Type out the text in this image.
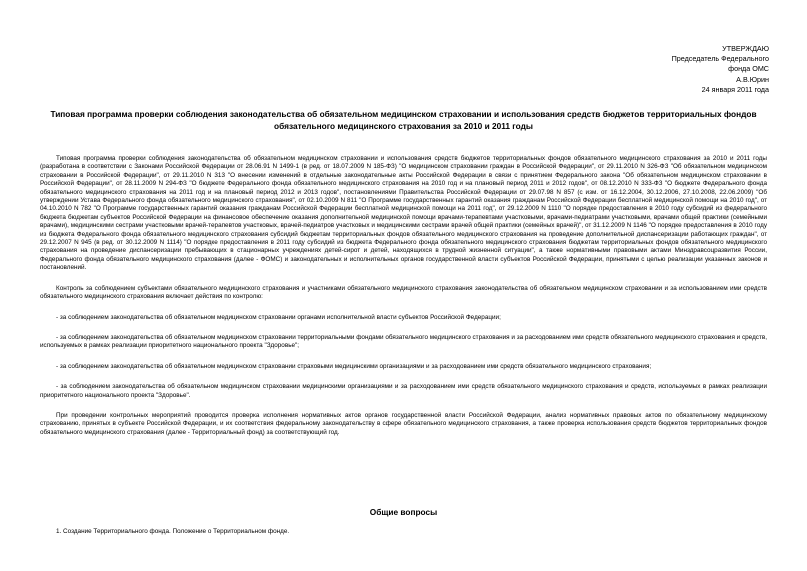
УТВЕРЖДАЮ
Председатель Федерального
фонда ОМС
А.В.Юрин
24 января 2011 года
Типовая программа проверки соблюдения законодательства об обязательном медицинском страховании и использования средств бюджетов территориальных фондов обязательного медицинского страхования за 2010 и 2011 годы

Типовая программа проверки соблюдения законодательства об обязательном медицинском страховании и использования средств бюджетов территориальных фондов обязательного медицинского страхования за 2010 и 2011 годы (разработана в соответствии с Законами Российской Федерации от 28.06.91 N 1499-1 (в ред. от 18.07.2009 N 185-ФЗ) "О медицинском страховании граждан в Российской Федерации", от 29.11.2010 N 326-ФЗ "Об обязательном медицинском страховании в Российской Федерации", от 29.11.2010 N 313 "О внесении изменений в отдельные законодательные акты Российской Федерации в связи с принятием Федерального закона "Об обязательном медицинском страховании в Российской Федерации", от 28.11.2009 N 294-ФЗ "О бюджете Федерального фонда обязательного медицинского страхования на 2010 год и на плановый период 2011 и 2012 годов", от 08.12.2010 N 333-ФЗ "О бюджете Федерального фонда обязательного медицинского страхования на 2011 год и на плановый период 2012 и 2013 годов", постановлениями Правительства Российской Федерации от 29.07.98 N 857 (с изм. от 16.12.2004, 30.12.2006, 27.10.2008, 22.06.2009) "Об утверждении Устава Федерального фонда обязательного медицинского страхования", от 02.10.2009 N 811 "О Программе государственных гарантий оказания гражданам Российской Федерации бесплатной медицинской помощи на 2010 год", от 04.10.2010 N 782 "О Программе государственных гарантий оказания гражданам Российской Федерации бесплатной медицинской помощи на 2011 год", от 29.12.2009 N 1110 "О порядке предоставления в 2010 году субсидий из федерального бюджета бюджетам субъектов Российской Федерации на финансовое обеспечение оказания дополнительной медицинской помощи врачами-терапевтами участковыми, врачами-педиатрами участковыми, врачами общей практики (семейными врачами), медицинскими сестрами участковыми врачей-терапевтов участковых, врачей-педиатров участковых и медицинскими сестрами врачей общей практики (семейных врачей)", от 31.12.2009 N 1146 "О порядке предоставления в 2010 году из бюджета Федерального фонда обязательного медицинского страхования субсидий бюджетам территориальных фондов обязательного медицинского страхования на проведение дополнительной диспансеризации работающих граждан", от 29.12.2007 N 945 (в ред. от 30.12.2009 N 1114) "О порядке предоставления в 2011 году субсидий из бюджета Федерального фонда обязательного медицинского страхования бюджетам территориальных фондов обязательного медицинского страхования на проведение диспансеризации пребывающих в стационарных учреждениях детей-сирот и детей, находящихся в трудной жизненной ситуации", а также нормативными правовыми актами Минздравсоцразвития России, Федерального фонда обязательного медицинского страхования (далее - ФОМС) и законодательных и исполнительных органов государственной власти субъектов Российской Федерации, принятыми с целью реализации указанных законов и постановлений.

Контроль за соблюдением субъектами обязательного медицинского страхования и участниками обязательного медицинского страхования законодательства об обязательном медицинском страховании и за использованием ими средств обязательного медицинского страхования включает действия по контролю:

- за соблюдением законодательства об обязательном медицинском страховании органами исполнительной власти субъектов Российской Федерации;

- за соблюдением законодательства об обязательном медицинском страховании территориальными фондами обязательного медицинского страхования и за расходованием ими средств обязательного медицинского страхования и средств, используемых в рамках реализации приоритетного национального проекта "Здоровье";

- за соблюдением законодательства об обязательном медицинском страховании страховыми медицинскими организациями и за расходованием ими средств обязательного медицинского страхования;

- за соблюдением законодательства об обязательном медицинском страховании медицинскими организациями и за расходованием ими средств обязательного медицинского страхования и средств, используемых в рамках реализации приоритетного национального проекта "Здоровье".

При проведении контрольных мероприятий проводится проверка исполнения нормативных актов органов государственной власти Российской Федерации, анализ нормативных правовых актов по обязательному медицинскому страхованию, принятых в субъекте Российской Федерации, и их соответствия федеральному законодательству в сфере обязательного медицинского страхования, а также проверка использования средств бюджетов территориальных фондов обязательного медицинского страхования (далее - Территориальный фонд) за соответствующий год.

Общие вопросы
1. Создание Территориального фонда. Положение о Территориальном фонде.
